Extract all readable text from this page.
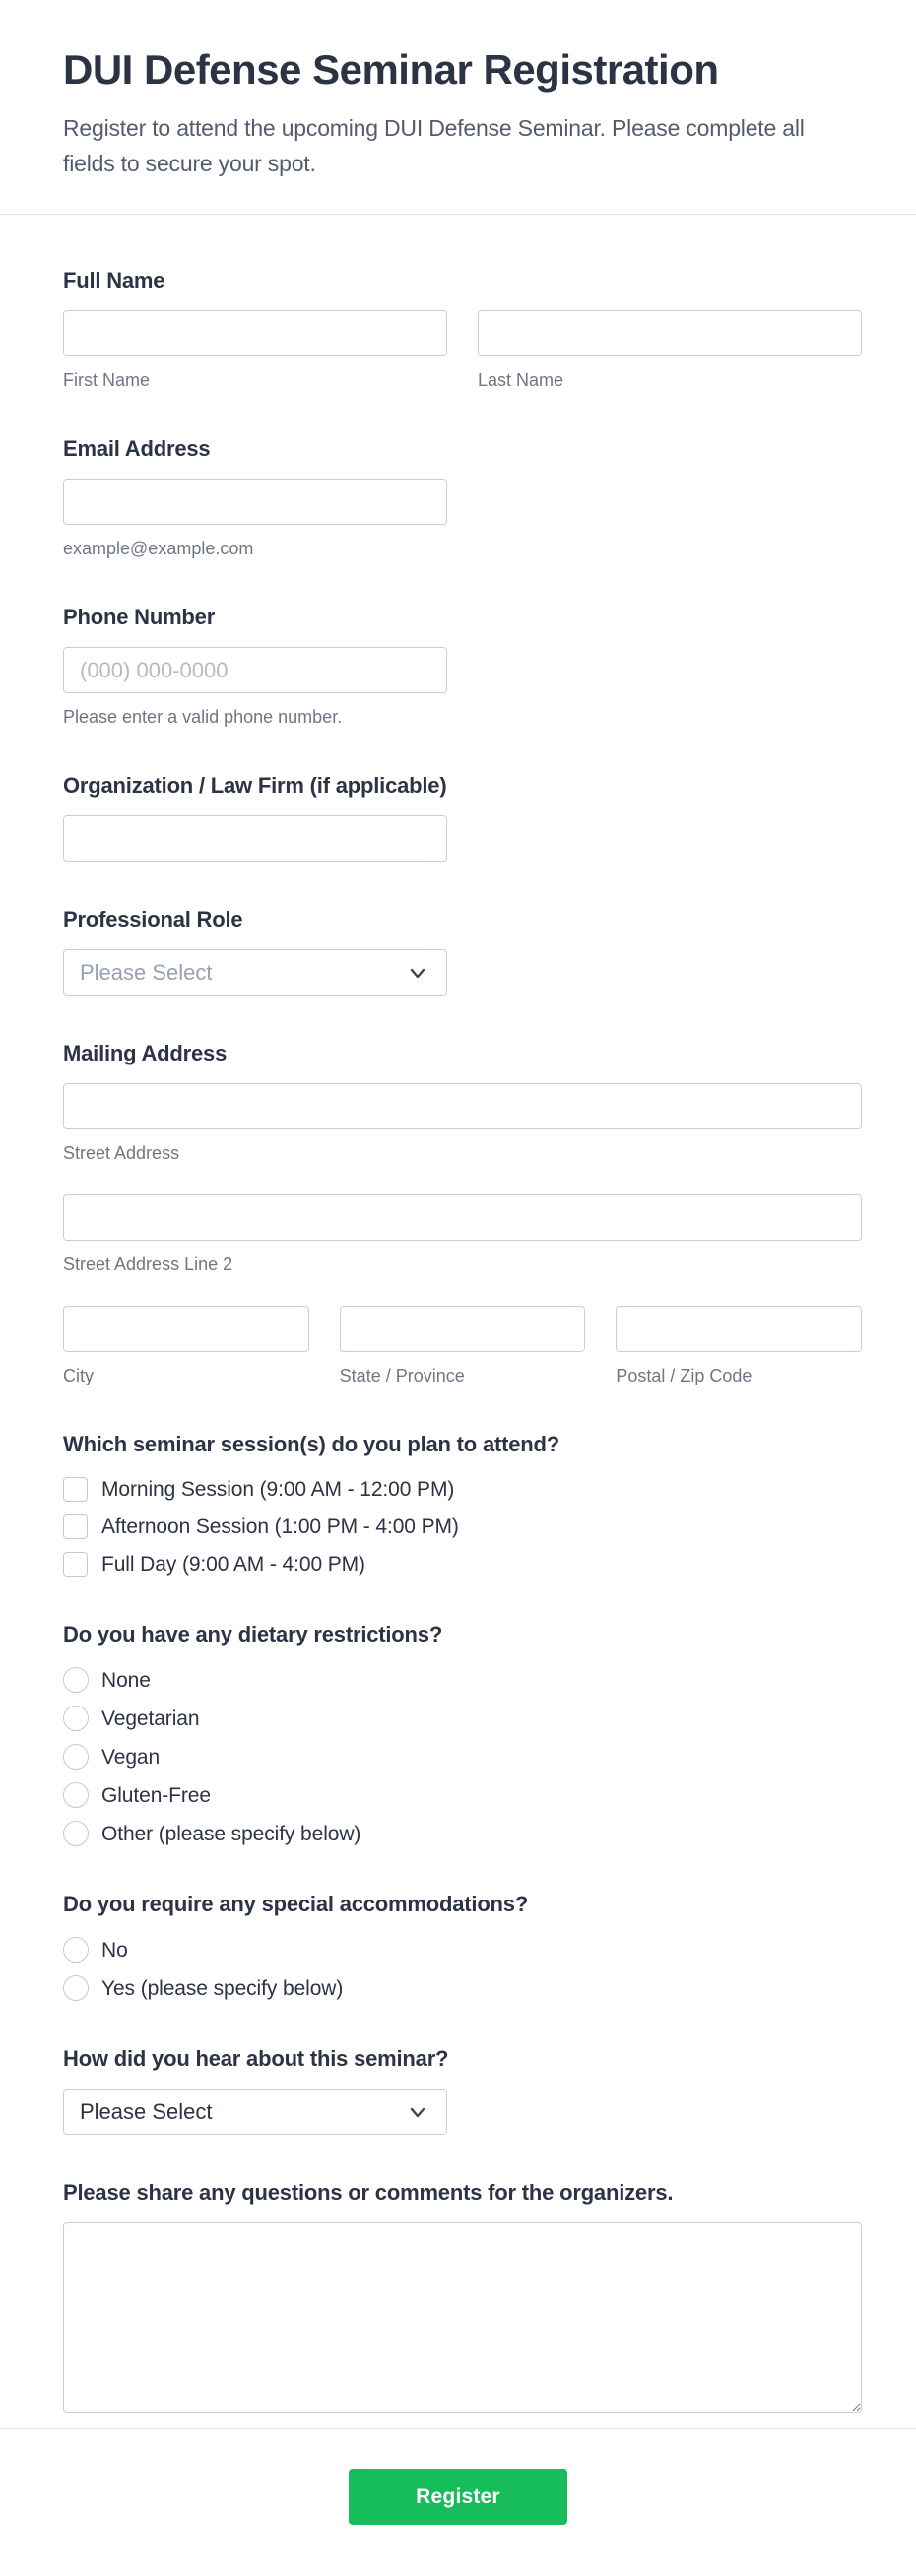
DUI Defense Seminar Registration

Register to attend the upcoming DUI Defense Seminar. Please complete all fields to secure your spot.

Full Name
First Name	Last Name
Email Address
example@example.com
Phone Number
(000) 000-0000
Please enter a valid phone number.
Organization / Law Firm (if applicable)
Professional Role
Please Select
Mailing Address
Street Address
Street Address Line 2
City	State / Province	Postal / Zip Code
Which seminar session(s) do you plan to attend?
Morning Session (9:00 AM - 12:00 PM)
Afternoon Session (1:00 PM - 4:00 PM)
Full Day (9:00 AM - 4:00 PM)
Do you have any dietary restrictions?
None
Vegetarian
Vegan
Gluten-Free
Other (please specify below)
Do you require any special accommodations?
No
Yes (please specify below)
How did you hear about this seminar?
Please Select
Please share any questions or comments for the organizers.
Register
